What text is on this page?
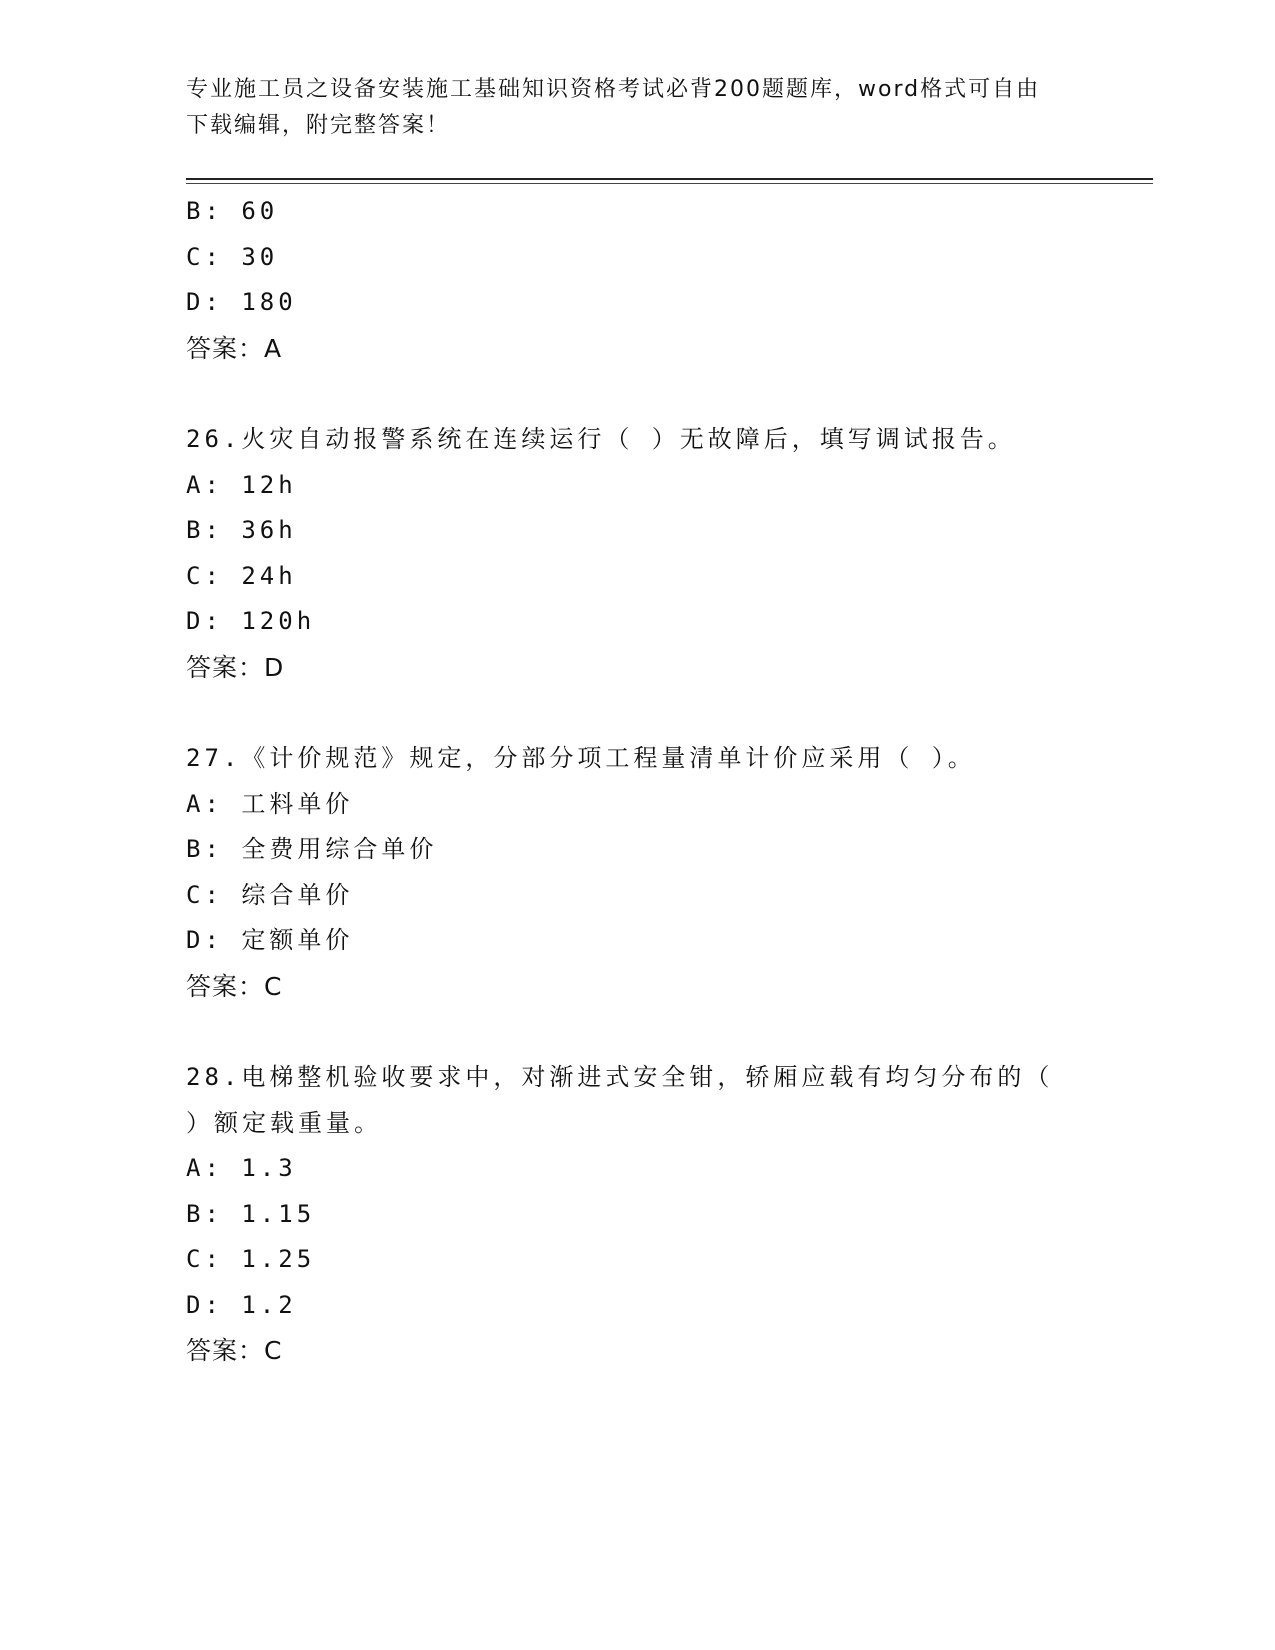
专业施工员之设备安装施工基础知识资格考试必背200题题库，word格式可自由
下载编辑，附完整答案！
B: 60
C: 30
D: 180
答案：A
26.火灾自动报警系统在连续运行（ ）无故障后，填写调试报告。
A: 12h
B: 36h
C: 24h
D: 120h
答案：D
27.《计价规范》规定，分部分项工程量清单计价应采用（ ）。
A: 工料单价
B: 全费用综合单价
C: 综合单价
D: 定额单价
答案：C
28.电梯整机验收要求中，对渐进式安全钳，轿厢应载有均匀分布的（
）额定载重量。
A: 1.3
B: 1.15
C: 1.25
D: 1.2
答案：C
